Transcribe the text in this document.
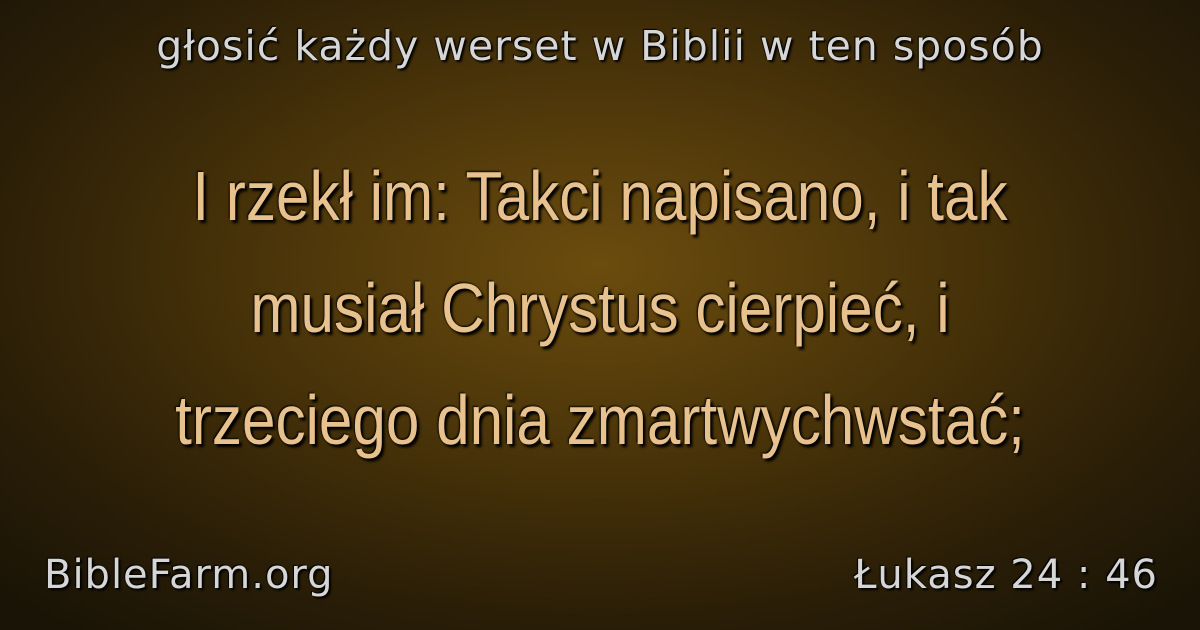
głosić każdy werset w Biblii w ten sposób
I rzekł im: Takci napisano, i tak
musiał Chrystus cierpieć, i
trzeciego dnia zmartwychwstać;
BibleFarm.org	Łukasz 24 : 46
